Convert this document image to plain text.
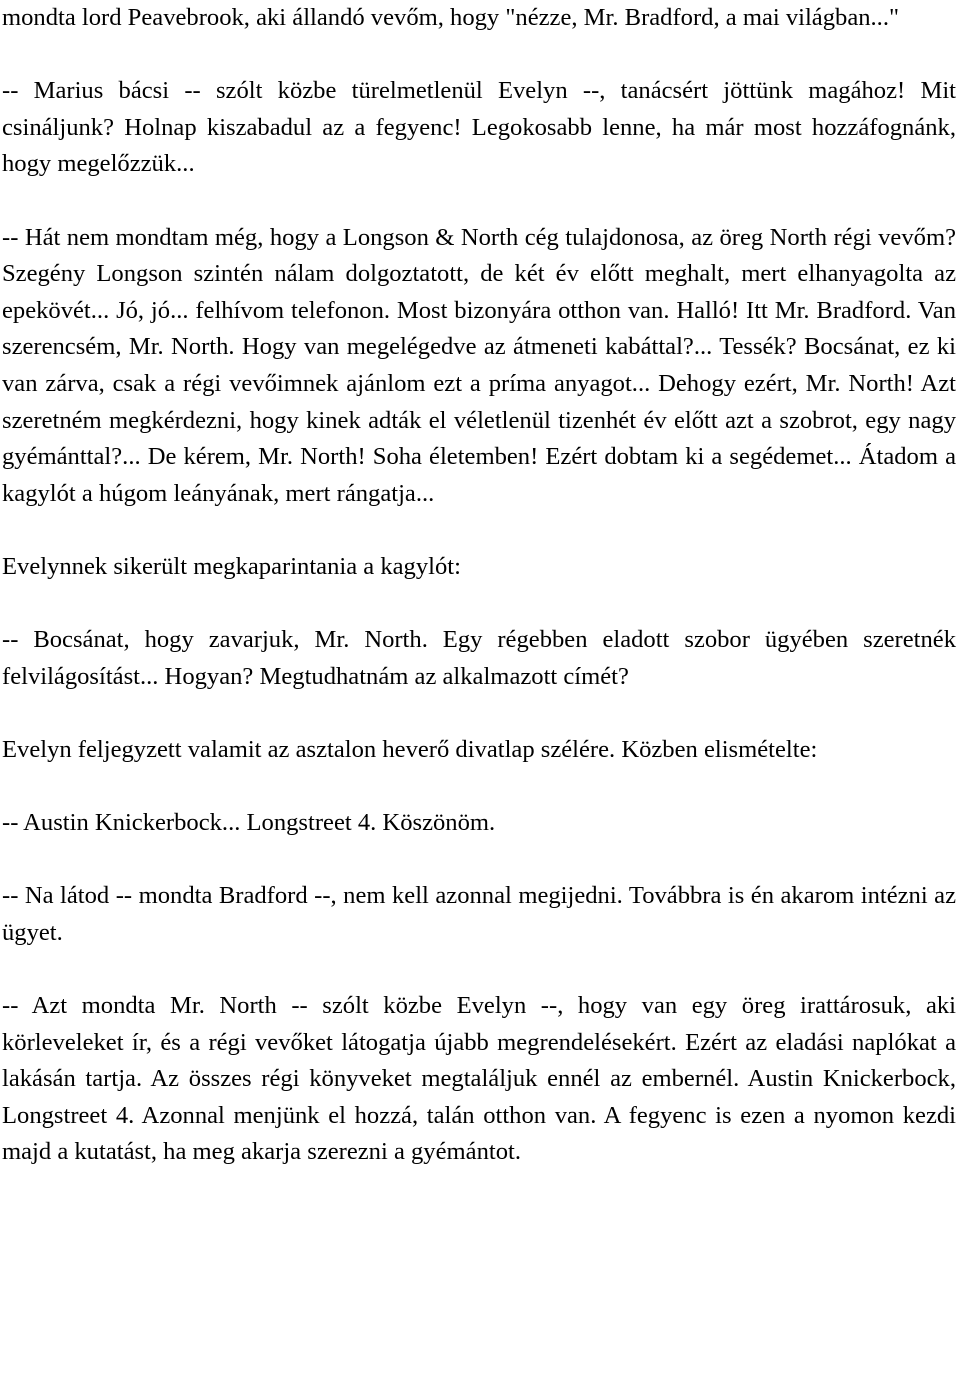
mondta lord Peavebrook, aki állandó vevőm, hogy "nézze, Mr. Bradford, a mai világban..."

-- Marius bácsi -- szólt közbe türelmetlenül Evelyn --, tanácsért jöttünk magához! Mit csináljunk? Holnap kiszabadul az a fegyenc! Legokosabb lenne, ha már most hozzáfognánk, hogy megelőzzük...

-- Hát nem mondtam még, hogy a Longson & North cég tulajdonosa, az öreg North régi vevőm? Szegény Longson szintén nálam dolgoztatott, de két év előtt meghalt, mert elhanyagolta az epekövét... Jó, jó... felhívom telefonon. Most bizonyára otthon van. Halló! Itt Mr. Bradford. Van szerencsém, Mr. North. Hogy van megelégedve az átmeneti kabáttal?... Tessék? Bocsánat, ez ki van zárva, csak a régi vevőimnek ajánlom ezt a príma anyagot... Dehogy ezért, Mr. North! Azt szeretném megkérdezni, hogy kinek adták el véletlenül tizenhét év előtt azt a szobrot, egy nagy gyémánttal?... De kérem, Mr. North! Soha életemben! Ezért dobtam ki a segédemet... Átadom a kagylót a húgom leányának, mert rángatja...

Evelynnek sikerült megkaparintania a kagylót:

-- Bocsánat, hogy zavarjuk, Mr. North. Egy régebben eladott szobor ügyében szeretnék felvilágosítást... Hogyan? Megtudhatnám az alkalmazott címét?

Evelyn feljegyzett valamit az asztalon heverő divatlap szélére. Közben elismételte:

-- Austin Knickerbock... Longstreet 4. Köszönöm.

-- Na látod -- mondta Bradford --, nem kell azonnal megijedni. Továbbra is én akarom intézni az ügyet.

-- Azt mondta Mr. North -- szólt közbe Evelyn --, hogy van egy öreg irattárosuk, aki körleveleket ír, és a régi vevőket látogatja újabb megrendelésekért. Ezért az eladási naplókat a lakásán tartja. Az összes régi könyveket megtaláljuk ennél az embernél. Austin Knickerbock, Longstreet 4. Azonnal menjünk el hozzá, talán otthon van. A fegyenc is ezen a nyomon kezdi majd a kutatást, ha meg akarja szerezni a gyémántot.
